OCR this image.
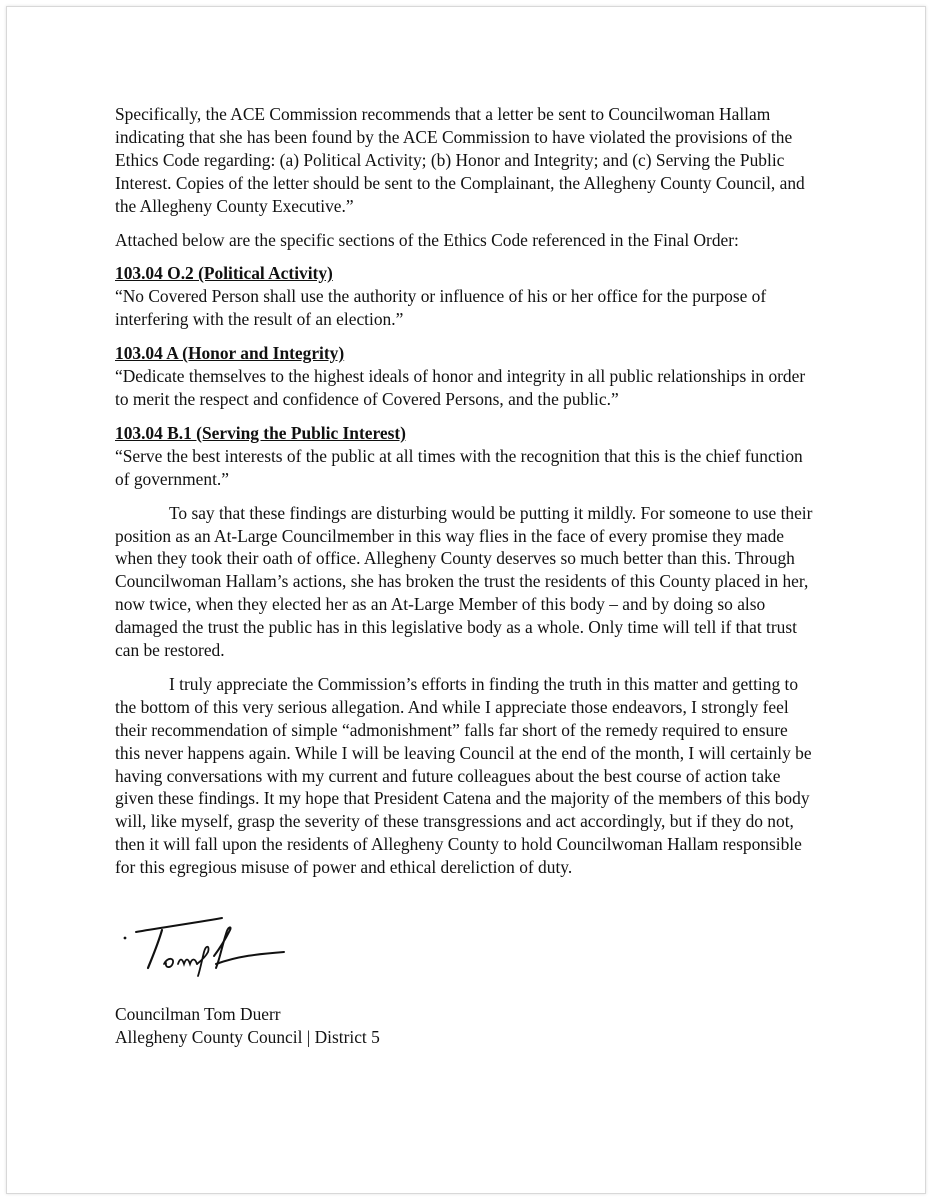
Specifically, the ACE Commission recommends that a letter be sent to Councilwoman Hallam indicating that she has been found by the ACE Commission to have violated the provisions of the Ethics Code regarding: (a) Political Activity; (b) Honor and Integrity; and (c) Serving the Public Interest. Copies of the letter should be sent to the Complainant, the Allegheny County Council, and the Allegheny County Executive.”

Attached below are the specific sections of the Ethics Code referenced in the Final Order:

103.04 O.2 (Political Activity)

“No Covered Person shall use the authority or influence of his or her office for the purpose of interfering with the result of an election.”

103.04 A (Honor and Integrity)

“Dedicate themselves to the highest ideals of honor and integrity in all public relationships in order to merit the respect and confidence of Covered Persons, and the public.”

103.04 B.1 (Serving the Public Interest)

“Serve the best interests of the public at all times with the recognition that this is the chief function of government.”

To say that these findings are disturbing would be putting it mildly. For someone to use their position as an At-Large Councilmember in this way flies in the face of every promise they made when they took their oath of office. Allegheny County deserves so much better than this. Through Councilwoman Hallam’s actions, she has broken the trust the residents of this County placed in her, now twice, when they elected her as an At-Large Member of this body – and by doing so also damaged the trust the public has in this legislative body as a whole. Only time will tell if that trust can be restored.

I truly appreciate the Commission’s efforts in finding the truth in this matter and getting to the bottom of this very serious allegation. And while I appreciate those endeavors, I strongly feel their recommendation of simple “admonishment” falls far short of the remedy required to ensure this never happens again. While I will be leaving Council at the end of the month, I will certainly be having conversations with my current and future colleagues about the best course of action take given these findings. It my hope that President Catena and the majority of the members of this body will, like myself, grasp the severity of these transgressions and act accordingly, but if they do not, then it will fall upon the residents of Allegheny County to hold Councilwoman Hallam responsible for this egregious misuse of power and ethical dereliction of duty.

Councilman Tom Duerr

Allegheny County Council | District 5
